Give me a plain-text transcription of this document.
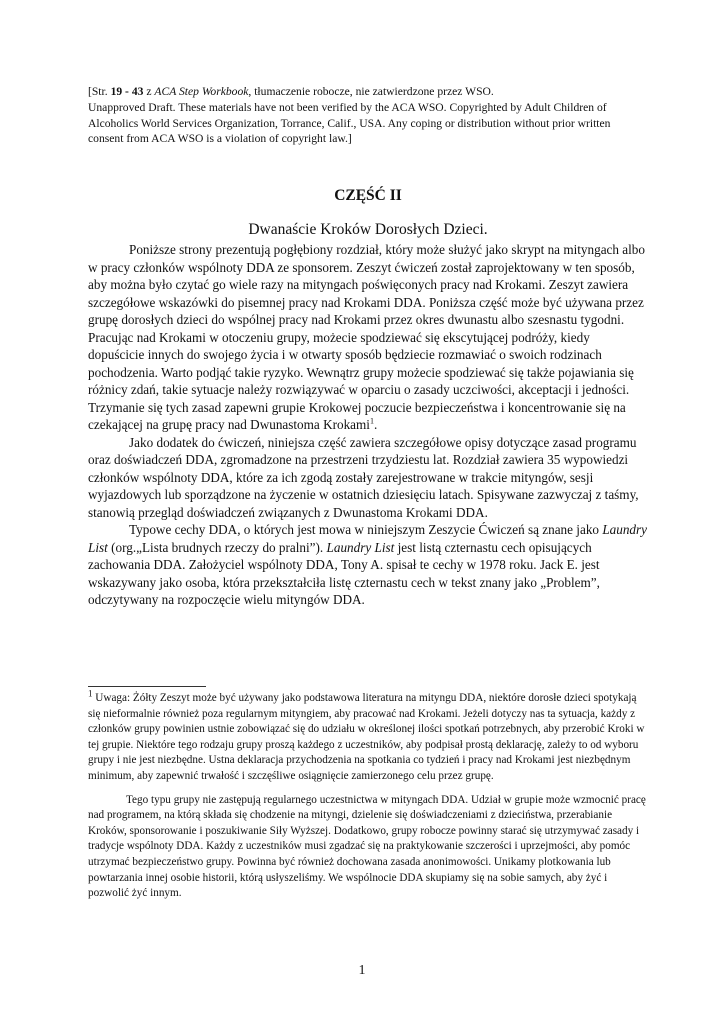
[Str. 19 - 43 z ACA Step Workbook, tłumaczenie robocze, nie zatwierdzone przez WSO.
Unapproved Draft. These materials have not been verified by the ACA WSO. Copyrighted by Adult Children of Alcoholics World Services Organization, Torrance, Calif., USA. Any coping or distribution without prior written consent from ACA WSO is a violation of copyright law.]

CZĘŚĆ II
Dwanaście Kroków Dorosłych Dzieci.

Poniższe strony prezentują pogłębiony rozdział, który może służyć jako skrypt na mityngach albo w pracy członków wspólnoty DDA ze sponsorem. Zeszyt ćwiczeń został zaprojektowany w ten sposób, aby można było czytać go wiele razy na mityngach poświęconych pracy nad Krokami. Zeszyt zawiera szczegółowe wskazówki do pisemnej pracy nad Krokami DDA. Poniższa część może być używana przez grupę dorosłych dzieci do wspólnej pracy nad Krokami przez okres dwunastu albo szesnastu tygodni. Pracując nad Krokami w otoczeniu grupy, możecie spodziewać się ekscytującej podróży, kiedy dopuścicie innych do swojego życia i w otwarty sposób będziecie rozmawiać o swoich rodzinach pochodzenia. Warto podjąć takie ryzyko. Wewnątrz grupy możecie spodziewać się także pojawiania się różnicy zdań, takie sytuacje należy rozwiązywać w oparciu o zasady uczciwości, akceptacji i jedności. Trzymanie się tych zasad zapewni grupie Krokowej poczucie bezpieczeństwa i koncentrowanie się na czekającej na grupę pracy nad Dwunastoma Krokami$^1$.

Jako dodatek do ćwiczeń, niniejsza część zawiera szczegółowe opisy dotyczące zasad programu oraz doświadczeń DDA, zgromadzone na przestrzeni trzydziestu lat. Rozdział zawiera 35 wypowiedzi członków wspólnoty DDA, które za ich zgodą zostały zarejestrowane w trakcie mityngów, sesji wyjazdowych lub sporządzone na życzenie w ostatnich dziesięciu latach. Spisywane zazwyczaj z taśmy, stanowią przegląd doświadczeń związanych z Dwunastoma Krokami DDA.

Typowe cechy DDA, o których jest mowa w niniejszym Zeszycie Ćwiczeń są znane jako Laundry List (org.„Lista brudnych rzeczy do pralni”). Laundry List jest listą czternastu cech opisujących zachowania DDA. Założyciel wspólnoty DDA, Tony A. spisał te cechy w 1978 roku. Jack E. jest wskazywany jako osoba, która przekształciła listę czternastu cech w tekst znany jako „Problem”, odczytywany na rozpoczęcie wielu mityngów DDA.

$^1$ Uwaga: Żółty Zeszyt może być używany jako podstawowa literatura na mityngu DDA, niektóre dorosłe dzieci spotykają się nieformalnie również poza regularnym mityngiem, aby pracować nad Krokami. Jeżeli dotyczy nas ta sytuacja, każdy z członków grupy powinien ustnie zobowiązać się do udziału w określonej ilości spotkań potrzebnych, aby przerobić Kroki w tej grupie. Niektóre tego rodzaju grupy proszą każdego z uczestników, aby podpisał prostą deklarację, zależy to od wyboru grupy i nie jest niezbędne. Ustna deklaracja przychodzenia na spotkania co tydzień i pracy nad Krokami jest niezbędnym minimum, aby zapewnić trwałość i szczęśliwe osiągnięcie zamierzonego celu przez grupę.

Tego typu grupy nie zastępują regularnego uczestnictwa w mityngach DDA. Udział w grupie może wzmocnić pracę nad programem, na którą składa się chodzenie na mityngi, dzielenie się doświadczeniami z dzieciństwa, przerabianie Kroków, sponsorowanie i poszukiwanie Siły Wyższej. Dodatkowo, grupy robocze powinny starać się utrzymywać zasady i tradycje wspólnoty DDA. Każdy z uczestników musi zgadzać się na praktykowanie szczerości i uprzejmości, aby pomóc utrzymać bezpieczeństwo grupy. Powinna być również dochowana zasada anonimowości. Unikamy plotkowania lub powtarzania innej osobie historii, którą usłyszeliśmy. We wspólnocie DDA skupiamy się na sobie samych, aby żyć i pozwolić żyć innym.

1
